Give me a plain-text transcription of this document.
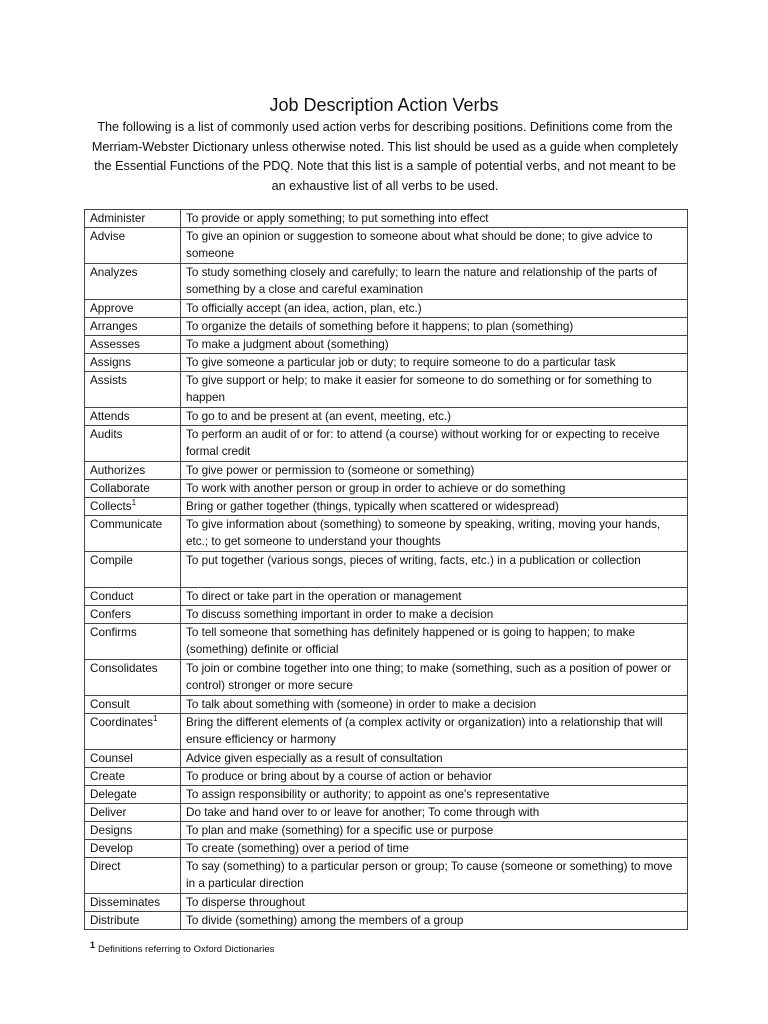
Job Description Action Verbs
The following is a list of commonly used action verbs for describing positions. Definitions come from the Merriam-Webster Dictionary unless otherwise noted. This list should be used as a guide when completely the Essential Functions of the PDQ. Note that this list is a sample of potential verbs, and not meant to be an exhaustive list of all verbs to be used.
Administer	To provide or apply something; to put something into effect
Advise	To give an opinion or suggestion to someone about what should be done; to give advice to someone
Analyzes	To study something closely and carefully; to learn the nature and relationship of the parts of something by a close and careful examination
Approve	To officially accept (an idea, action, plan, etc.)
Arranges	To organize the details of something before it happens; to plan (something)
Assesses	To make a judgment about (something)
Assigns	To give someone a particular job or duty; to require someone to do a particular task
Assists	To give support or help; to make it easier for someone to do something or for something to happen
Attends	To go to and be present at (an event, meeting, etc.)
Audits	To perform an audit of or for: to attend (a course) without working for or expecting to receive formal credit
Authorizes	To give power or permission to (someone or something)
Collaborate	To work with another person or group in order to achieve or do something
Collects$^1$	Bring or gather together (things, typically when scattered or widespread)
Communicate	To give information about (something) to someone by speaking, writing, moving your hands, etc.; to get someone to understand your thoughts
Compile	To put together (various songs, pieces of writing, facts, etc.) in a publication or collection
Conduct	To direct or take part in the operation or management
Confers	To discuss something important in order to make a decision
Confirms	To tell someone that something has definitely happened or is going to happen; to make (something) definite or official
Consolidates	To join or combine together into one thing; to make (something, such as a position of power or control) stronger or more secure
Consult	To talk about something with (someone) in order to make a decision
Coordinates$^1$	Bring the different elements of (a complex activity or organization) into a relationship that will ensure efficiency or harmony
Counsel	Advice given especially as a result of consultation
Create	To produce or bring about by a course of action or behavior
Delegate	To assign responsibility or authority; to appoint as one's representative
Deliver	Do take and hand over to or leave for another; To come through with
Designs	To plan and make (something) for a specific use or purpose
Develop	To create (something) over a period of time
Direct	To say (something) to a particular person or group; To cause (someone or something) to move in a particular direction
Disseminates	To disperse throughout
Distribute	To divide (something) among the members of a group
1 Definitions referring to Oxford Dictionaries
